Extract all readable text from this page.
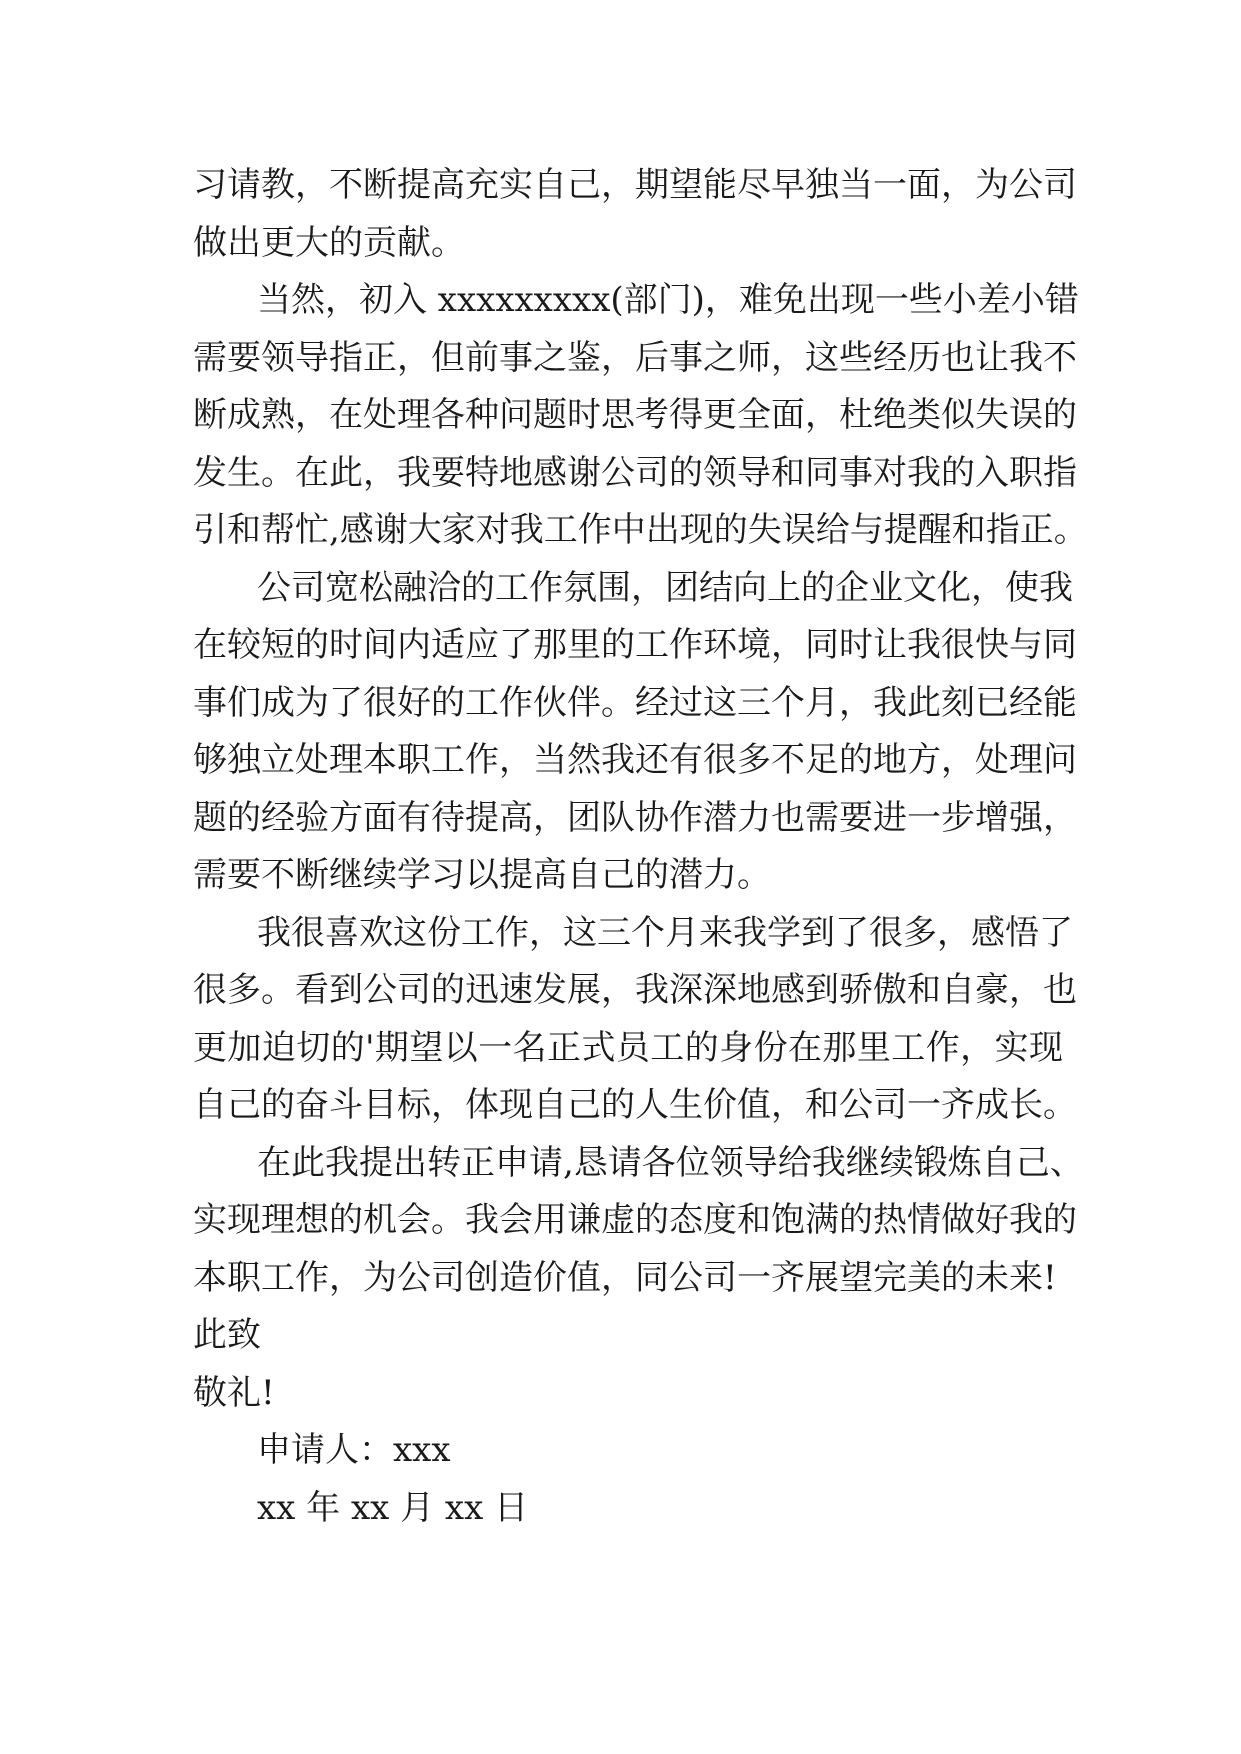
习请教，不断提高充实自己，期望能尽早独当一面，为公司
做出更大的贡献。
当然，初入 xxxxxxxxx(部门)，难免出现一些小差小错
需要领导指正，但前事之鉴，后事之师，这些经历也让我不
断成熟，在处理各种问题时思考得更全面，杜绝类似失误的
发生。在此，我要特地感谢公司的领导和同事对我的入职指
引和帮忙,感谢大家对我工作中出现的失误给与提醒和指正。
公司宽松融洽的工作氛围，团结向上的企业文化，使我
在较短的时间内适应了那里的工作环境，同时让我很快与同
事们成为了很好的工作伙伴。经过这三个月，我此刻已经能
够独立处理本职工作，当然我还有很多不足的地方，处理问
题的经验方面有待提高，团队协作潜力也需要进一步增强，
需要不断继续学习以提高自己的潜力。
我很喜欢这份工作，这三个月来我学到了很多，感悟了
很多。看到公司的迅速发展，我深深地感到骄傲和自豪，也
更加迫切的'期望以一名正式员工的身份在那里工作，实现
自己的奋斗目标，体现自己的人生价值，和公司一齐成长。
在此我提出转正申请,恳请各位领导给我继续锻炼自己、
实现理想的机会。我会用谦虚的态度和饱满的热情做好我的
本职工作，为公司创造价值，同公司一齐展望完美的未来!
此致
敬礼!
申请人：xxx
xx 年 xx 月 xx 日
